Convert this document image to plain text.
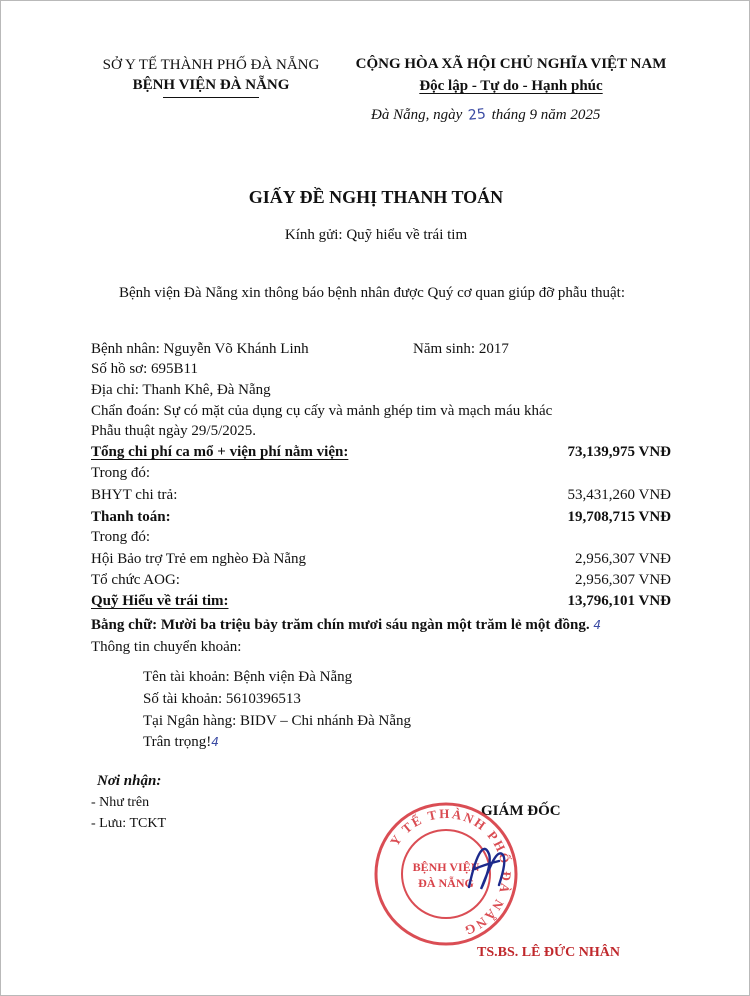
SỞ Y TẾ THÀNH PHỐ ĐÀ NẴNG
BỆNH VIỆN ĐÀ NẴNG
CỘNG HÒA XÃ HỘI CHỦ NGHĨA VIỆT NAM
Độc lập - Tự do - Hạnh phúc
Đà Nẵng, ngày 25 tháng 9 năm 2025
GIẤY ĐỀ NGHỊ THANH TOÁN
Kính gửi: Quỹ hiểu về trái tim
Bệnh viện Đà Nẵng xin thông báo bệnh nhân được Quý cơ quan giúp đỡ phẫu thuật:
Bệnh nhân: Nguyễn Võ Khánh Linh	Năm sinh: 2017
Số hồ sơ: 695B11
Địa chỉ: Thanh Khê, Đà Nẵng
Chẩn đoán: Sự có mặt của dụng cụ cấy và mảnh ghép tim và mạch máu khác
Phẫu thuật ngày 29/5/2025.
Tổng chi phí ca mổ + viện phí nằm viện:	73,139,975 VNĐ
Trong đó:
BHYT chi trả:	53,431,260 VNĐ
Thanh toán:	19,708,715 VNĐ
Trong đó:
Hội Bảo trợ Trẻ em nghèo Đà Nẵng	2,956,307 VNĐ
Tổ chức AOG:	2,956,307 VNĐ
Quỹ Hiểu về trái tim:	13,796,101 VNĐ
Bằng chữ: Mười ba triệu bảy trăm chín mươi sáu ngàn một trăm lẻ một đồng. 4
Thông tin chuyển khoản:
Tên tài khoản: Bệnh viện Đà Nẵng
Số tài khoản: 5610396513
Tại Ngân hàng: BIDV – Chi nhánh Đà Nẵng
Trân trọng!4
Nơi nhận:
- Như trên
- Lưu: TCKT
GIÁM ĐỐC
Y TẾ THÀNH PHỐ ĐÀ NẴNG
BỆNH VIỆN
ĐÀ NẴNG
TS.BS. LÊ ĐỨC NHÂN
